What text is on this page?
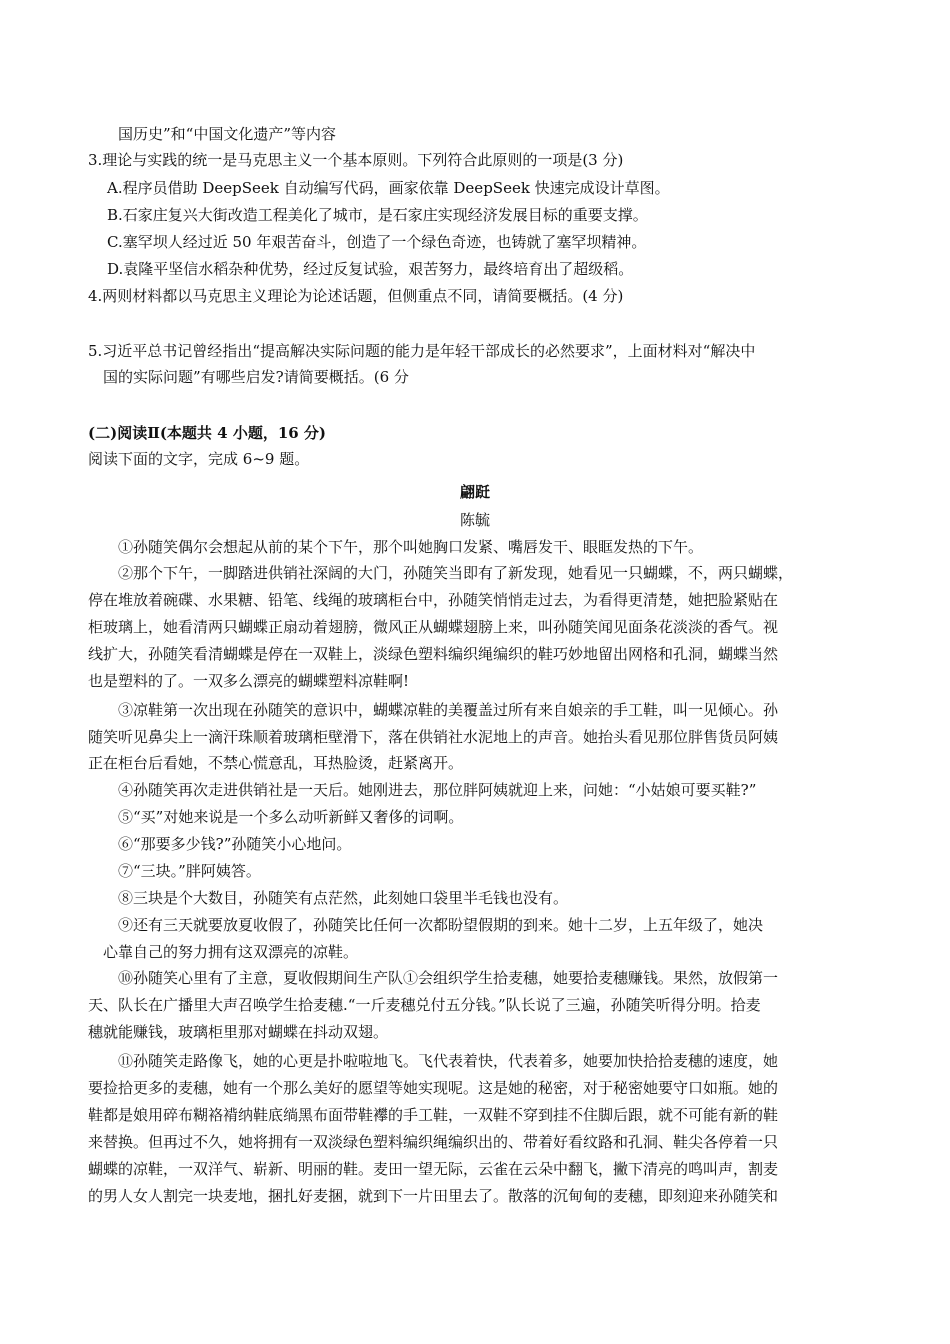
国历史”和“中国文化遗产”等内容

3.理论与实践的统一是马克思主义一个基本原则。下列符合此原则的一项是(3 分)

A.程序员借助 DeepSeek 自动编写代码，画家依靠 DeepSeek 快速完成设计草图。

B.石家庄复兴大街改造工程美化了城市，是石家庄实现经济发展目标的重要支撑。

C.塞罕坝人经过近 50 年艰苦奋斗，创造了一个绿色奇迹，也铸就了塞罕坝精神。

D.袁隆平坚信水稻杂种优势，经过反复试验，艰苦努力，最终培育出了超级稻。

4.两则材料都以马克思主义理论为论述话题，但侧重点不同，请简要概括。(4 分)

5.习近平总书记曾经指出“提高解决实际问题的能力是年轻干部成长的必然要求”，上面材料对“解决中

国的实际问题”有哪些启发?请简要概括。(6 分

(二)阅读Ⅱ(本题共 4 小题，16 分)

阅读下面的文字，完成 6~9 题。

翩跹

陈毓

①孙随笑偶尔会想起从前的某个下午，那个叫她胸口发紧、嘴唇发干、眼眶发热的下午。

②那个下午，一脚踏进供销社深阔的大门，孙随笑当即有了新发现，她看见一只蝴蝶，不，两只蝴蝶，

停在堆放着碗碟、水果糖、铅笔、线绳的玻璃柜台中，孙随笑悄悄走过去，为看得更清楚，她把脸紧贴在

柜玻璃上，她看清两只蝴蝶正扇动着翅膀，微风正从蝴蝶翅膀上来，叫孙随笑闻见面条花淡淡的香气。视

线扩大，孙随笑看清蝴蝶是停在一双鞋上，淡绿色塑料编织绳编织的鞋巧妙地留出网格和孔洞，蝴蝶当然

也是塑料的了。一双多么漂亮的蝴蝶塑料凉鞋啊!

③凉鞋第一次出现在孙随笑的意识中，蝴蝶凉鞋的美覆盖过所有来自娘亲的手工鞋，叫一见倾心。孙

随笑听见鼻尖上一滴汗珠顺着玻璃柜壁滑下，落在供销社水泥地上的声音。她抬头看见那位胖售货员阿姨

正在柜台后看她，不禁心慌意乱，耳热脸烫，赶紧离开。

④孙随笑再次走进供销社是一天后。她刚进去，那位胖阿姨就迎上来，问她：“小姑娘可要买鞋?”

⑤“买”对她来说是一个多么动听新鲜又奢侈的词啊。

⑥“那要多少钱?”孙随笑小心地问。

⑦“三块。”胖阿姨答。

⑧三块是个大数目，孙随笑有点茫然，此刻她口袋里半毛钱也没有。

⑨还有三天就要放夏收假了，孙随笑比任何一次都盼望假期的到来。她十二岁，上五年级了，她决

心靠自己的努力拥有这双漂亮的凉鞋。

⑩孙随笑心里有了主意，夏收假期间生产队①会组织学生拾麦穗，她要拾麦穗赚钱。果然，放假第一

天、队长在广播里大声召唤学生拾麦穗.“一斤麦穗兑付五分钱。”队长说了三遍，孙随笑听得分明。拾麦

穗就能赚钱，玻璃柜里那对蝴蝶在抖动双翅。

⑪孙随笑走路像飞，她的心更是扑啦啦地飞。飞代表着快，代表着多，她要加快拾拾麦穗的速度，她

要捡拾更多的麦穗，她有一个那么美好的愿望等她实现呢。这是她的秘密，对于秘密她要守口如瓶。她的

鞋都是娘用碎布糊袼褙纳鞋底绱黑布面带鞋襻的手工鞋，一双鞋不穿到挂不住脚后跟，就不可能有新的鞋

来替换。但再过不久，她将拥有一双淡绿色塑料编织绳编织出的、带着好看纹路和孔洞、鞋尖各停着一只

蝴蝶的凉鞋，一双洋气、崭新、明丽的鞋。麦田一望无际，云雀在云朵中翻飞，撇下清亮的鸣叫声，割麦

的男人女人割完一块麦地，捆扎好麦捆，就到下一片田里去了。散落的沉甸甸的麦穗，即刻迎来孙随笑和
